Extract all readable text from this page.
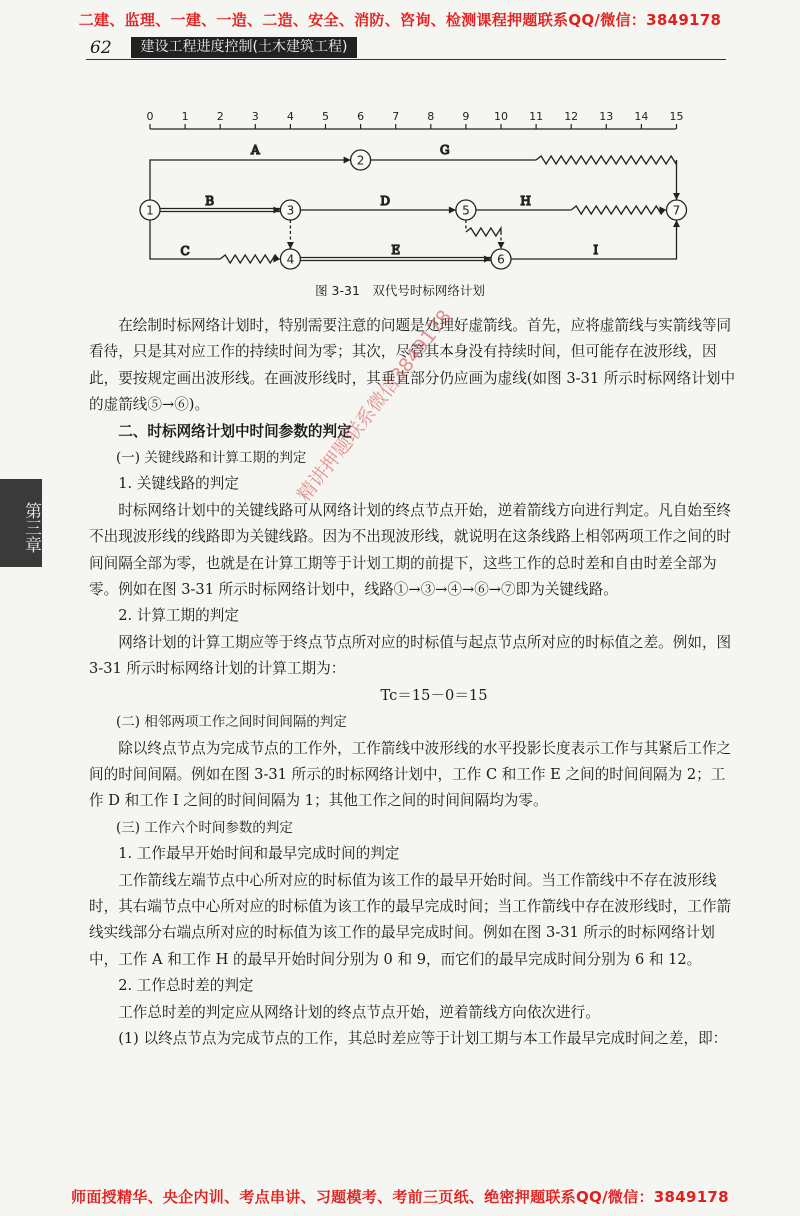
二建、监理、一建、一造、二造、安全、消防、咨询、检测课程押题联系QQ/微信：3849178
62	建设工程进度控制(土木建筑工程)
第三章
0	1	2	3	4	5	6	7	8	9 10 11 12 13 14 15
A
B
C
D
E
G
H
I
1
2
3
4
5
6
7
图 3-31　双代号时标网络计划

在绘制时标网络计划时，特别需要注意的问题是处理好虚箭线。首先，应将虚箭线与实箭线等同看待，只是其对应工作的持续时间为零；其次，尽管其本身没有持续时间，但可能存在波形线，因此，要按规定画出波形线。在画波形线时，其垂直部分仍应画为虚线(如图 3-31 所示时标网络计划中的虚箭线⑤→⑥)。

二、时标网络计划中时间参数的判定

(一) 关键线路和计算工期的判定

1. 关键线路的判定

时标网络计划中的关键线路可从网络计划的终点节点开始，逆着箭线方向进行判定。凡自始至终不出现波形线的线路即为关键线路。因为不出现波形线，就说明在这条线路上相邻两项工作之间的时间间隔全部为零，也就是在计算工期等于计划工期的前提下，这些工作的总时差和自由时差全部为零。例如在图 3-31 所示时标网络计划中，线路①→③→④→⑥→⑦即为关键线路。

2. 计算工期的判定

网络计划的计算工期应等于终点节点所对应的时标值与起点节点所对应的时标值之差。例如，图 3-31 所示时标网络计划的计算工期为：

Tc＝15－0＝15

(二) 相邻两项工作之间时间间隔的判定

除以终点节点为完成节点的工作外，工作箭线中波形线的水平投影长度表示工作与其紧后工作之间的时间间隔。例如在图 3-31 所示的时标网络计划中，工作 C 和工作 E 之间的时间间隔为 2；工作 D 和工作 I 之间的时间间隔为 1；其他工作之间的时间间隔均为零。

(三) 工作六个时间参数的判定

1. 工作最早开始时间和最早完成时间的判定

工作箭线左端节点中心所对应的时标值为该工作的最早开始时间。当工作箭线中不存在波形线时，其右端节点中心所对应的时标值为该工作的最早完成时间；当工作箭线中存在波形线时，工作箭线实线部分右端点所对应的时标值为该工作的最早完成时间。例如在图 3-31 所示的时标网络计划中，工作 A 和工作 H 的最早开始时间分别为 0 和 9，而它们的最早完成时间分别为 6 和 12。

2. 工作总时差的判定

工作总时差的判定应从网络计划的终点节点开始，逆着箭线方向依次进行。

(1) 以终点节点为完成节点的工作，其总时差应等于计划工期与本工作最早完成时间之差，即：

精讲押题联系微信3849178
师面授精华、央企内训、考点串讲、习题模考、考前三页纸、绝密押题联系QQ/微信：3849178
